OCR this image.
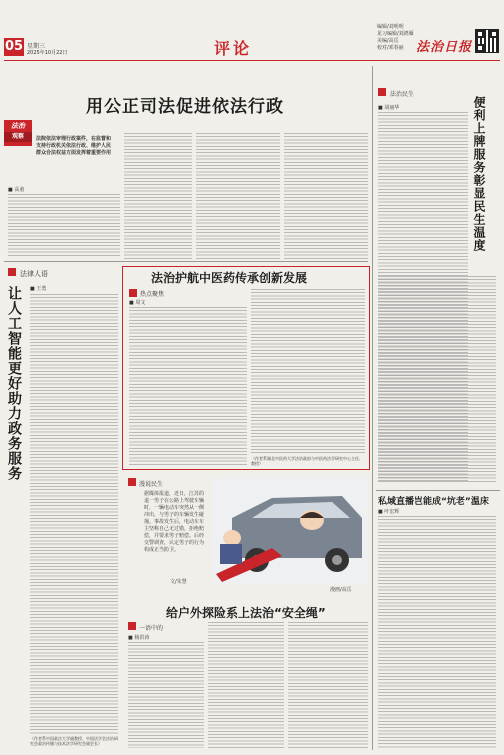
05 星期三
2025年10月22日	评论
编辑/刘明明
见习编辑/刘鸿雁
美编/高岳
校对/邓春丽 法治日报
用公正司法促进依法行政
法治
观察	法院依法审理行政案件，在监督和支持行政机关依法行政、维护人民群众合法权益方面发挥着重要作用
■ 高童
法律人语
让人工智能更好助力政务服务 ■ 王勇
（作者系中国政法大学副教授、中国法学会法治研究会政治传播与技术法学研究会副会长）
法治护航中医药传承创新发展
热点聚焦
■ 周文
（作者系湖北中医药大学法治政府与中医药法学研究中心主任、教授）
漫说民生
据媒体报道，近日，江苏的退一男子在公路上驾驶车辆时，一辆电动车突然从一侧冲出，与男子的车辆发生碰撞。事故发生后，电动车车主坚称自己无过错，拒绝赔偿，并要求男子赔偿。后经交警调查，认定男子的行为构成正当防卫。
文/朱慧
漫画/高岳
给户外探险系上法治“安全绳”
一语中的
■ 杨洪涛
法治民生
便利上牌服务彰显民生温度
■ 胡丽华
私域直播岂能成“坑老”温床
■ 叶宏辉
